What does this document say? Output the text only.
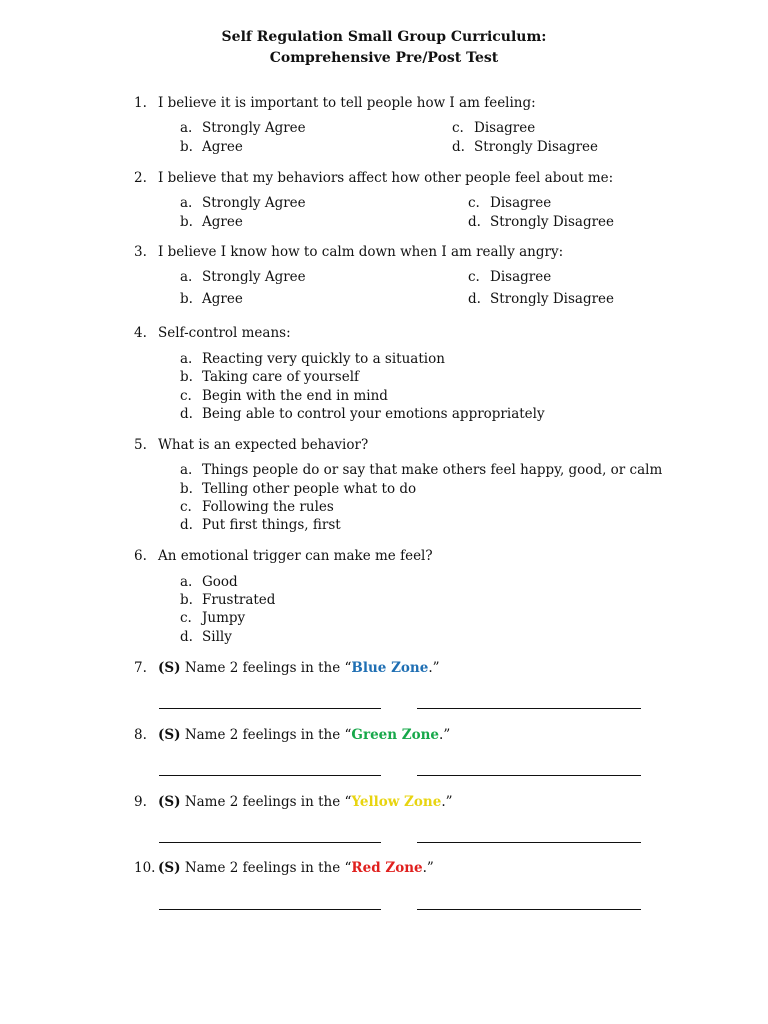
Self Regulation Small Group Curriculum:
Comprehensive Pre/Post Test
1. I believe it is important to tell people how I am feeling:
a. Strongly Agree
b. Agree
c. Disagree
d. Strongly Disagree
2. I believe that my behaviors affect how other people feel about me:
a. Strongly Agree
b. Agree
c. Disagree
d. Strongly Disagree
3. I believe I know how to calm down when I am really angry:
a. Strongly Agree
b. Agree
c. Disagree
d. Strongly Disagree
4. Self-control means:
a. Reacting very quickly to a situation
b. Taking care of yourself
c. Begin with the end in mind
d. Being able to control your emotions appropriately
5. What is an expected behavior?
a. Things people do or say that make others feel happy, good, or calm
b. Telling other people what to do
c. Following the rules
d. Put first things, first
6. An emotional trigger can make me feel?
a. Good
b. Frustrated
c. Jumpy
d. Silly
7. (S) Name 2 feelings in the “Blue Zone.”
8. (S) Name 2 feelings in the “Green Zone.”
9. (S) Name 2 feelings in the “Yellow Zone.”
10. (S) Name 2 feelings in the “Red Zone.”
